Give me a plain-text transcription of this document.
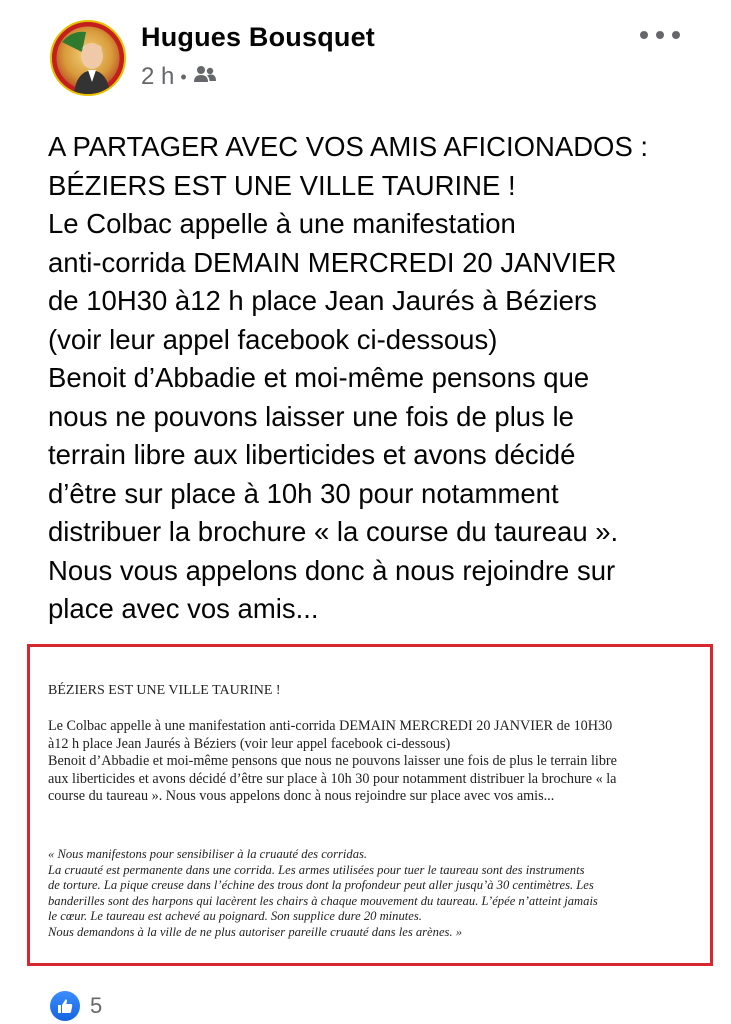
Hugues Bousquet
2 h •
A PARTAGER AVEC VOS AMIS AFICIONADOS :
BÉZIERS EST UNE VILLE TAURINE !
Le Colbac appelle à une manifestation
anti-corrida DEMAIN MERCREDI 20 JANVIER
de 10H30 à12 h place Jean Jaurés à Béziers
(voir leur appel facebook ci-dessous)
Benoit d’Abbadie et moi-même pensons que
nous ne pouvons laisser une fois de plus le
terrain libre aux liberticides et avons décidé
d’être sur place à 10h 30 pour notamment
distribuer la brochure « la course du taureau ».
Nous vous appelons donc à nous rejoindre sur
place avec vos amis...
BÉZIERS EST UNE VILLE TAURINE !
Le Colbac appelle à une manifestation anti-corrida DEMAIN MERCREDI 20 JANVIER de 10H30
à12 h place Jean Jaurés à Béziers (voir leur appel facebook ci-dessous)
Benoit d’Abbadie et moi-même pensons que nous ne pouvons laisser une fois de plus le terrain libre
aux liberticides et avons décidé d’être sur place à 10h 30 pour notamment distribuer la brochure « la
course du taureau ». Nous vous appelons donc à nous rejoindre sur place avec vos amis...
« Nous manifestons pour sensibiliser à la cruauté des corridas.
La cruauté est permanente dans une corrida. Les armes utilisées pour tuer le taureau sont des instruments
de torture. La pique creuse dans l’échine des trous dont la profondeur peut aller jusqu’à 30 centimètres. Les
banderilles sont des harpons qui lacèrent les chairs à chaque mouvement du taureau. L’épée n’atteint jamais
le cœur. Le taureau est achevé au poignard. Son supplice dure 20 minutes.
Nous demandons à la ville de ne plus autoriser pareille cruauté dans les arènes. »
5
